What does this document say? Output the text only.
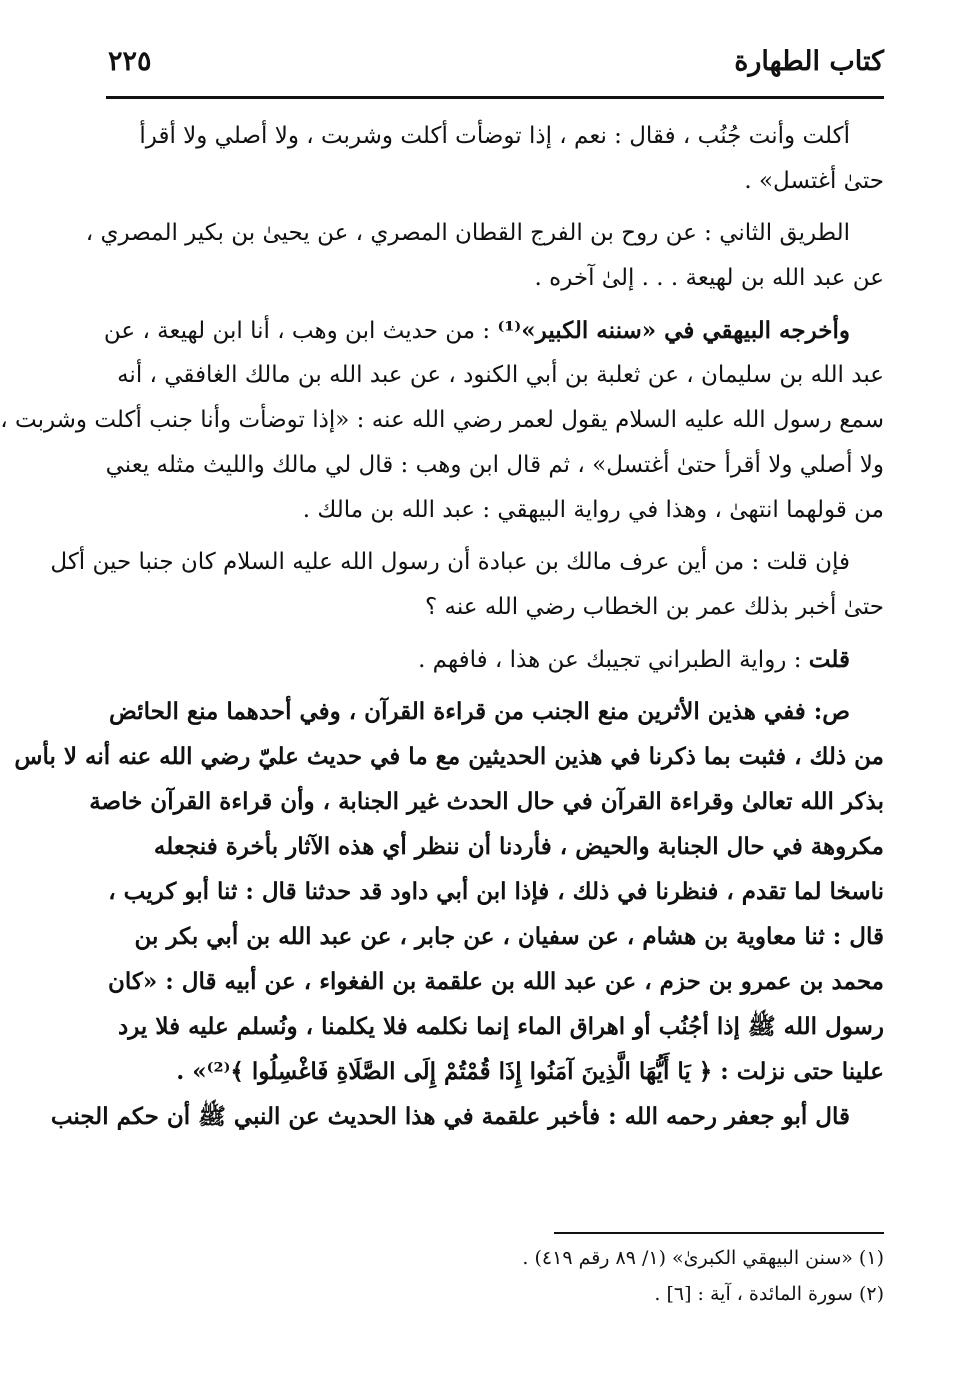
كتاب الطهارة
٢٢٥
أكلت وأنت جُنُب ، فقال : نعم ، إذا توضأت أكلت وشربت ، ولا أصلي ولا أقرأ
حتىٰ أغتسل» .
الطريق الثاني : عن روح بن الفرج القطان المصري ، عن يحيىٰ بن بكير المصري ،
عن عبد الله بن لهيعة . . . إلىٰ آخره .
وأخرجه البيهقي في «سننه الكبير»⁽¹⁾ : من حديث ابن وهب ، أنا ابن لهيعة ، عن
عبد الله بن سليمان ، عن ثعلبة بن أبي الكنود ، عن عبد الله بن مالك الغافقي ، أنه
سمع رسول الله عليه السلام يقول لعمر رضي الله عنه : «إذا توضأت وأنا جنب أكلت وشربت ،
ولا أصلي ولا أقرأ حتىٰ أغتسل» ، ثم قال ابن وهب : قال لي مالك والليث مثله يعني
من قولهما انتهىٰ ، وهذا في رواية البيهقي : عبد الله بن مالك .
فإن قلت : من أين عرف مالك بن عبادة أن رسول الله عليه السلام كان جنبا حين أكل
حتىٰ أخبر بذلك عمر بن الخطاب رضي الله عنه ؟
قلت : رواية الطبراني تجيبك عن هذا ، فافهم .
ص: ففي هذين الأثرين منع الجنب من قراءة القرآن ، وفي أحدهما منع الحائض
من ذلك ، فثبت بما ذكرنا في هذين الحديثين مع ما في حديث عليّ رضي الله عنه أنه لا بأس
بذكر الله تعالىٰ وقراءة القرآن في حال الحدث غير الجنابة ، وأن قراءة القرآن خاصة
مكروهة في حال الجنابة والحيض ، فأردنا أن ننظر أي هذه الآثار بأخرة فنجعله
ناسخا لما تقدم ، فنظرنا في ذلك ، فإذا ابن أبي داود قد حدثنا قال : ثنا أبو كريب ،
قال : ثنا معاوية بن هشام ، عن سفيان ، عن جابر ، عن عبد الله بن أبي بكر بن
محمد بن عمرو بن حزم ، عن عبد الله بن علقمة بن الفغواء ، عن أبيه قال : «كان
رسول الله ﷺ إذا أجُنُب أو اهراق الماء إنما نكلمه فلا يكلمنا ، ونُسلم عليه فلا يرد
علينا حتى نزلت : ﴿ يَا أَيُّهَا الَّذِينَ آمَنُوا إِذَا قُمْتُمْ إِلَى الصَّلَاةِ فَاغْسِلُوا ﴾⁽²⁾» .
قال أبو جعفر رحمه الله : فأخبر علقمة في هذا الحديث عن النبي ﷺ أن حكم الجنب
(١) «سنن البيهقي الكبرىٰ» (١/ ٨٩ رقم ٤١٩) .
(٢) سورة المائدة ، آية : [٦] .
